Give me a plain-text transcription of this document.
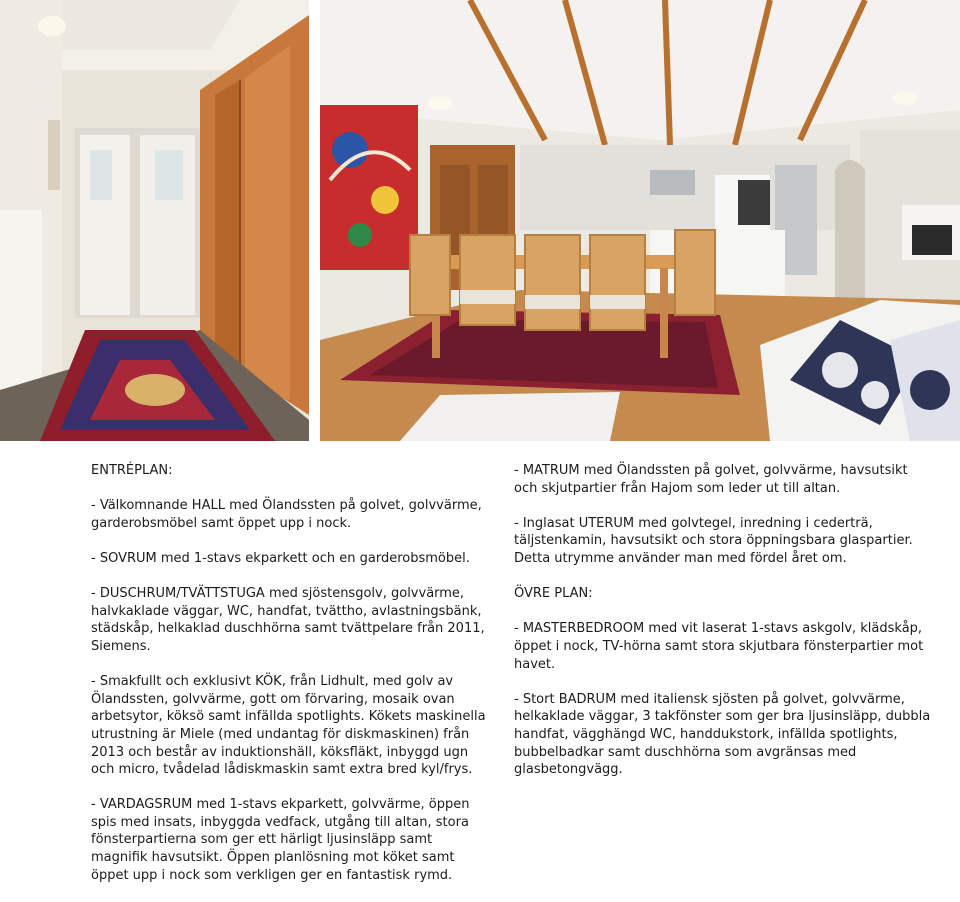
ENTRÉPLAN:

- Välkomnande HALL med Ölandssten på golvet, golvvärme, garderobsmöbel samt öppet upp i nock.

- SOVRUM med 1-stavs ekparkett och en garderobsmöbel.

- DUSCHRUM/TVÄTTSTUGA med sjöstensgolv, golvvärme, halvkaklade väggar, WC, handfat, tvättho, avlastningsbänk, städskåp, helkaklad duschhörna samt tvättpelare från 2011, Siemens.

- Smakfullt och exklusivt KÖK, från Lidhult, med golv av Ölandssten, golvvärme, gott om förvaring, mosaik ovan arbetsytor, köksö samt infällda spotlights. Kökets maskinella utrustning är Miele (med undantag för diskmaskinen) från 2013 och består av induktionshäll, köksfläkt, inbyggd ugn och micro, tvådelad lådiskmaskin samt extra bred kyl/frys.

- VARDAGSRUM med 1-stavs ekparkett, golvvärme, öppen spis med insats, inbyggda vedfack, utgång till altan, stora fönsterpartierna som ger ett härligt ljusinsläpp samt magnifik havsutsikt. Öppen planlösning mot köket samt öppet upp i nock som verkligen ger en fantastisk rymd.

- MATRUM med Ölandssten på golvet, golvvärme, havsutsikt och skjutpartier från Hajom som leder ut till altan.

- Inglasat UTERUM med golvtegel, inredning i cederträ, täljstenkamin, havsutsikt och stora öppningsbara glaspartier. Detta utrymme använder man med fördel året om.

ÖVRE PLAN:

- MASTERBEDROOM med vit laserat 1-stavs askgolv, klädskåp, öppet i nock, TV-hörna samt stora skjutbara fönsterpartier mot havet.

- Stort BADRUM med italiensk sjösten på golvet, golvvärme, helkaklade väggar, 3 takfönster som ger bra ljusinsläpp, dubbla handfat, vägghängd WC, handdukstork, infällda spotlights, bubbelbadkar samt duschhörna som avgränsas med glasbetongvägg.
